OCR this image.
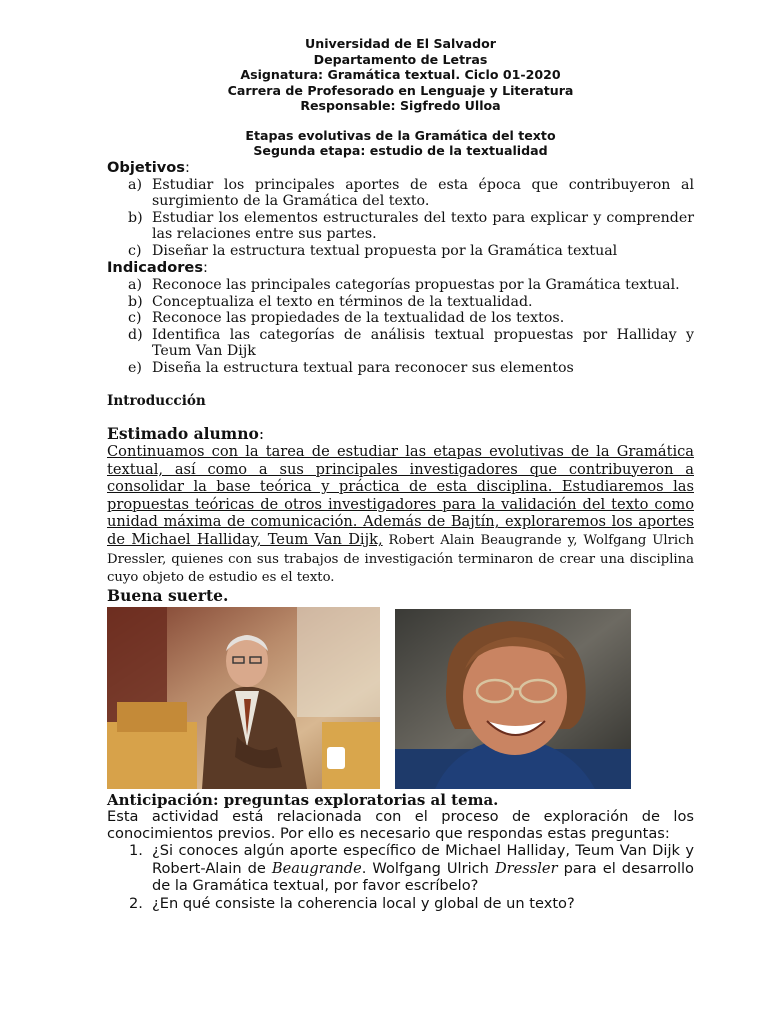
Universidad de El Salvador
Departamento de Letras
Asignatura: Gramática textual. Ciclo 01-2020
Carrera de Profesorado en Lenguaje y Literatura
Responsable: Sigfredo Ulloa
Etapas evolutivas de la Gramática del texto
Segunda etapa: estudio de la textualidad
Objetivos:
a) Estudiar los principales aportes de esta época que contribuyeron al surgimiento de la Gramática del texto.
b) Estudiar los elementos estructurales del texto para explicar y comprender las relaciones entre sus partes.
c) Diseñar la estructura textual propuesta por la Gramática textual
Indicadores:
a) Reconoce las principales categorías propuestas por la Gramática textual.
b) Conceptualiza el texto en términos de la textualidad.
c) Reconoce las propiedades de la textualidad de los textos.
d) Identifica las categorías de análisis textual propuestas por Halliday y Teum Van Dijk
e) Diseña la estructura textual para reconocer sus elementos
Introducción
Estimado alumno:
Continuamos con la tarea de estudiar las etapas evolutivas de la Gramática textual, así como a sus principales investigadores que contribuyeron a consolidar la base teórica y práctica de esta disciplina. Estudiaremos las propuestas teóricas de otros investigadores para la validación del texto como unidad máxima de comunicación. Además de Bajtín, exploraremos los aportes de Michael Halliday, Teum Van Dijk, Robert Alain Beaugrande y, Wolfgang Ulrich Dressler, quienes con sus trabajos de investigación terminaron de crear una disciplina cuyo objeto de estudio es el texto.
Buena suerte.
Anticipación: preguntas exploratorias al tema.
Esta actividad está relacionada con el proceso de exploración de los conocimientos previos. Por ello es necesario que respondas estas preguntas:
1. ¿Si conoces algún aporte específico de Michael Halliday, Teum Van Dijk y Robert-Alain de Beaugrande. Wolfgang Ulrich Dressler para el desarrollo de la Gramática textual, por favor escríbelo?
2. ¿En qué consiste la coherencia local y global de un texto?
